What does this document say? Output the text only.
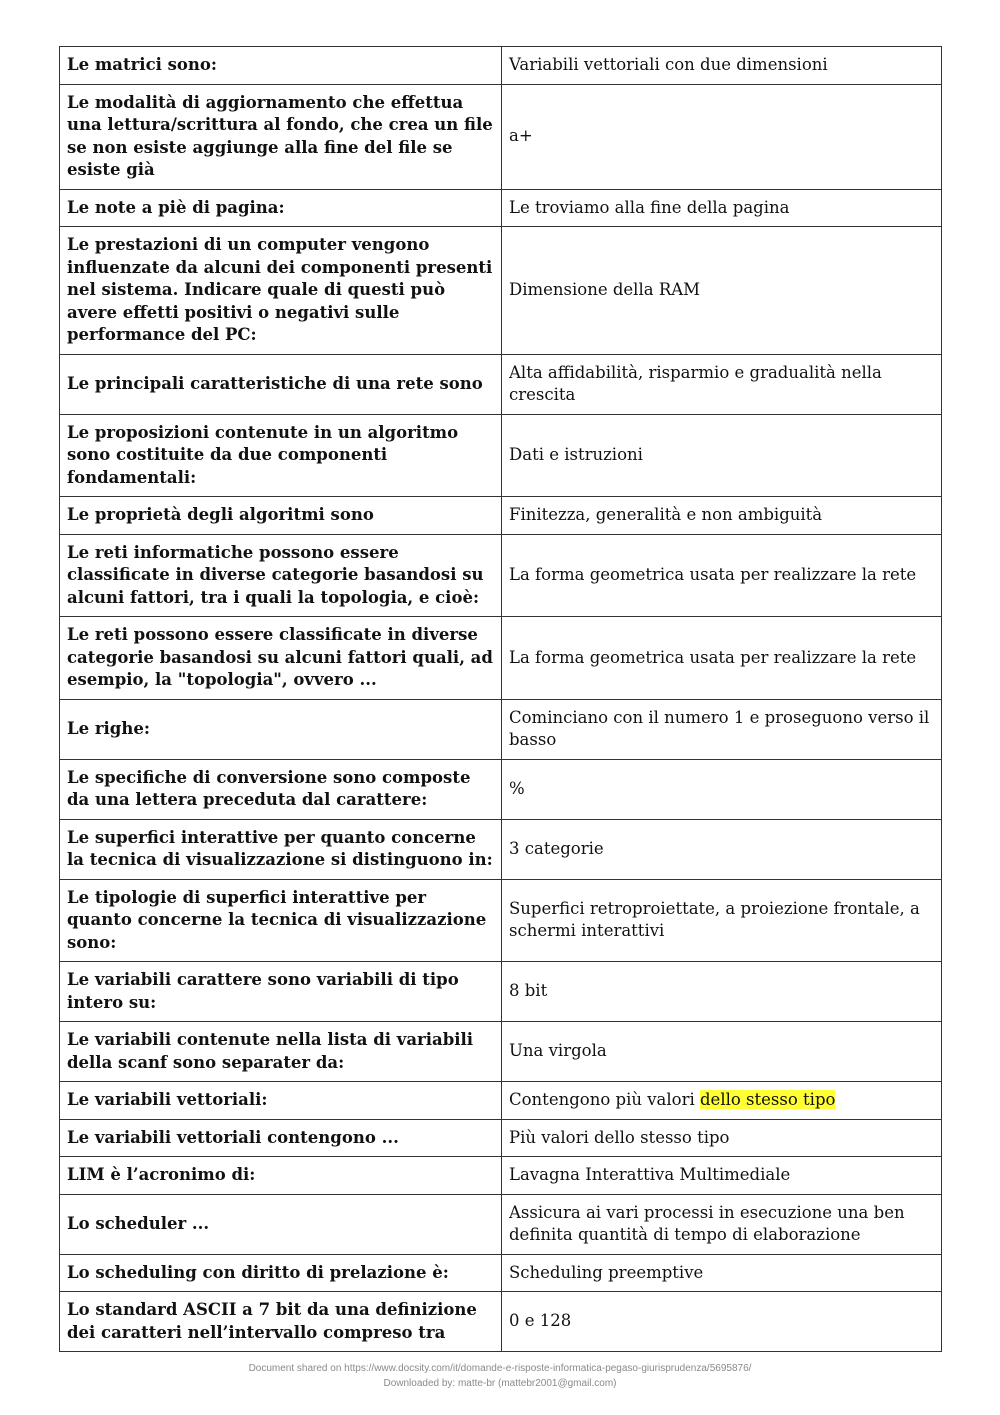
Le matrici sono:	Variabili vettoriali con due dimensioni
Le modalità di aggiornamento che effettua una lettura/scrittura al fondo, che crea un file se non esiste aggiunge alla fine del file se esiste già	a+
Le note a piè di pagina:	Le troviamo alla fine della pagina
Le prestazioni di un computer vengono influenzate da alcuni dei componenti presenti nel sistema. Indicare quale di questi può avere effetti positivi o negativi sulle performance del PC:	Dimensione della RAM
Le principali caratteristiche di una rete sono	Alta affidabilità, risparmio e gradualità nella crescita
Le proposizioni contenute in un algoritmo sono costituite da due componenti fondamentali:	Dati e istruzioni
Le proprietà degli algoritmi sono	Finitezza, generalità e non ambiguità
Le reti informatiche possono essere classificate in diverse categorie basandosi su alcuni fattori, tra i quali la topologia, e cioè:	La forma geometrica usata per realizzare la rete
Le reti possono essere classificate in diverse categorie basandosi su alcuni fattori quali, ad esempio, la "topologia", ovvero ...	La forma geometrica usata per realizzare la rete
Le righe:	Cominciano con il numero 1 e proseguono verso il basso
Le specifiche di conversione sono composte da una lettera preceduta dal carattere:	%
Le superfici interattive per quanto concerne la tecnica di visualizzazione si distinguono in:	3 categorie
Le tipologie di superfici interattive per quanto concerne la tecnica di visualizzazione sono:	Superfici retroproiettate, a proiezione frontale, a schermi interattivi
Le variabili carattere sono variabili di tipo intero su:	8 bit
Le variabili contenute nella lista di variabili della scanf sono separater da:	Una virgola
Le variabili vettoriali:	Contengono più valori dello stesso tipo
Le variabili vettoriali contengono ...	Più valori dello stesso tipo
LIM è l’acronimo di:	Lavagna Interattiva Multimediale
Lo scheduler ...	Assicura ai vari processi in esecuzione una ben definita quantità di tempo di elaborazione
Lo scheduling con diritto di prelazione è:	Scheduling preemptive
Lo standard ASCII a 7 bit da una definizione dei caratteri nell’intervallo compreso tra	0 e 128
Document shared on https://www.docsity.com/it/domande-e-risposte-informatica-pegaso-giurisprudenza/5695876/
Downloaded by: matte-br (mattebr2001@gmail.com)
